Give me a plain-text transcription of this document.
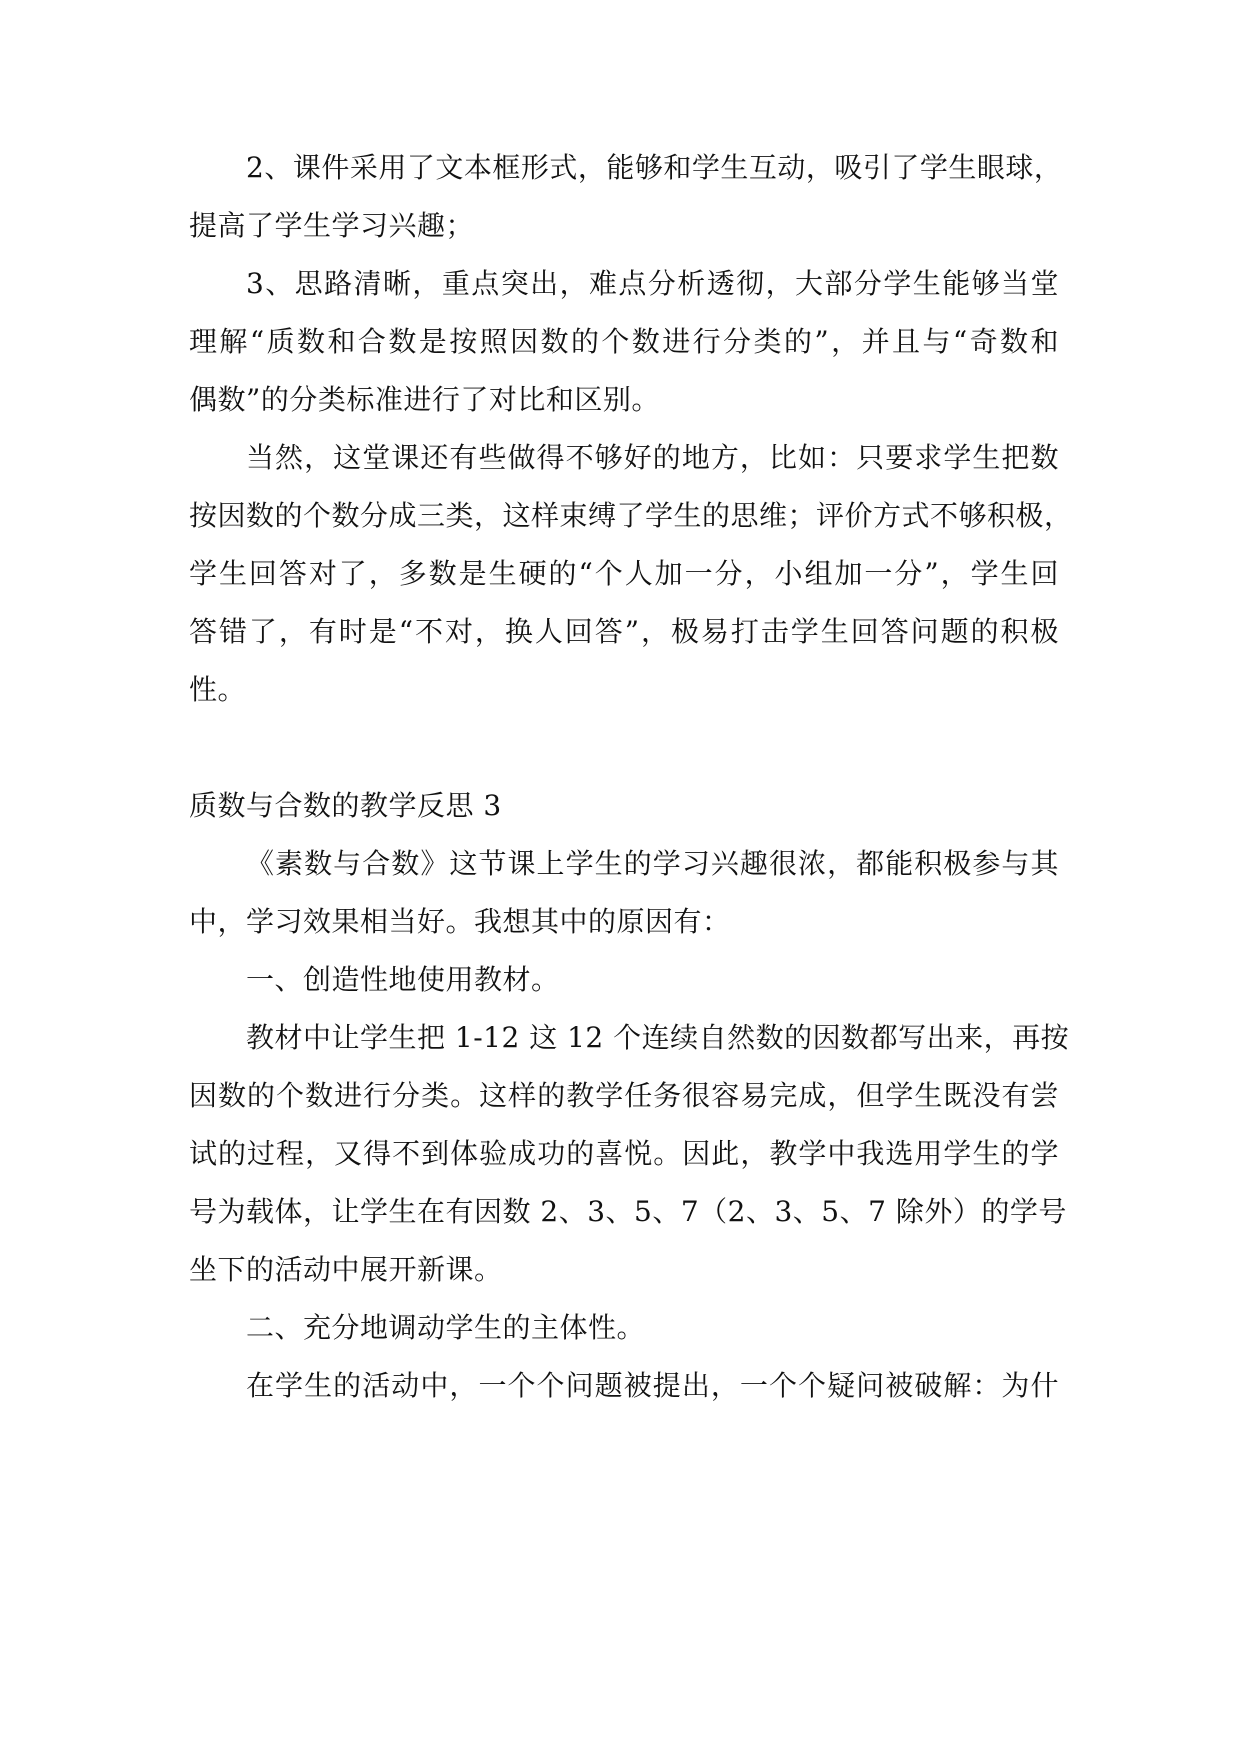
2、课件采用了文本框形式，能够和学生互动，吸引了学生眼球，
提高了学生学习兴趣；
3、思路清晰，重点突出，难点分析透彻，大部分学生能够当堂
理解“质数和合数是按照因数的个数进行分类的”，并且与“奇数和
偶数”的分类标准进行了对比和区别。
当然，这堂课还有些做得不够好的地方，比如：只要求学生把数
按因数的个数分成三类，这样束缚了学生的思维；评价方式不够积极，
学生回答对了，多数是生硬的“个人加一分，小组加一分”，学生回
答错了，有时是“不对，换人回答”，极易打击学生回答问题的积极
性。
质数与合数的教学反思 3
《素数与合数》这节课上学生的学习兴趣很浓，都能积极参与其
中，学习效果相当好。我想其中的原因有：
一、创造性地使用教材。
教材中让学生把 1-12 这 12 个连续自然数的因数都写出来，再按
因数的个数进行分类。这样的教学任务很容易完成，但学生既没有尝
试的过程，又得不到体验成功的喜悦。因此，教学中我选用学生的学
号为载体，让学生在有因数 2、3、5、7（2、3、5、7 除外）的学号
坐下的活动中展开新课。
二、充分地调动学生的主体性。
在学生的活动中，一个个问题被提出，一个个疑问被破解：为什
